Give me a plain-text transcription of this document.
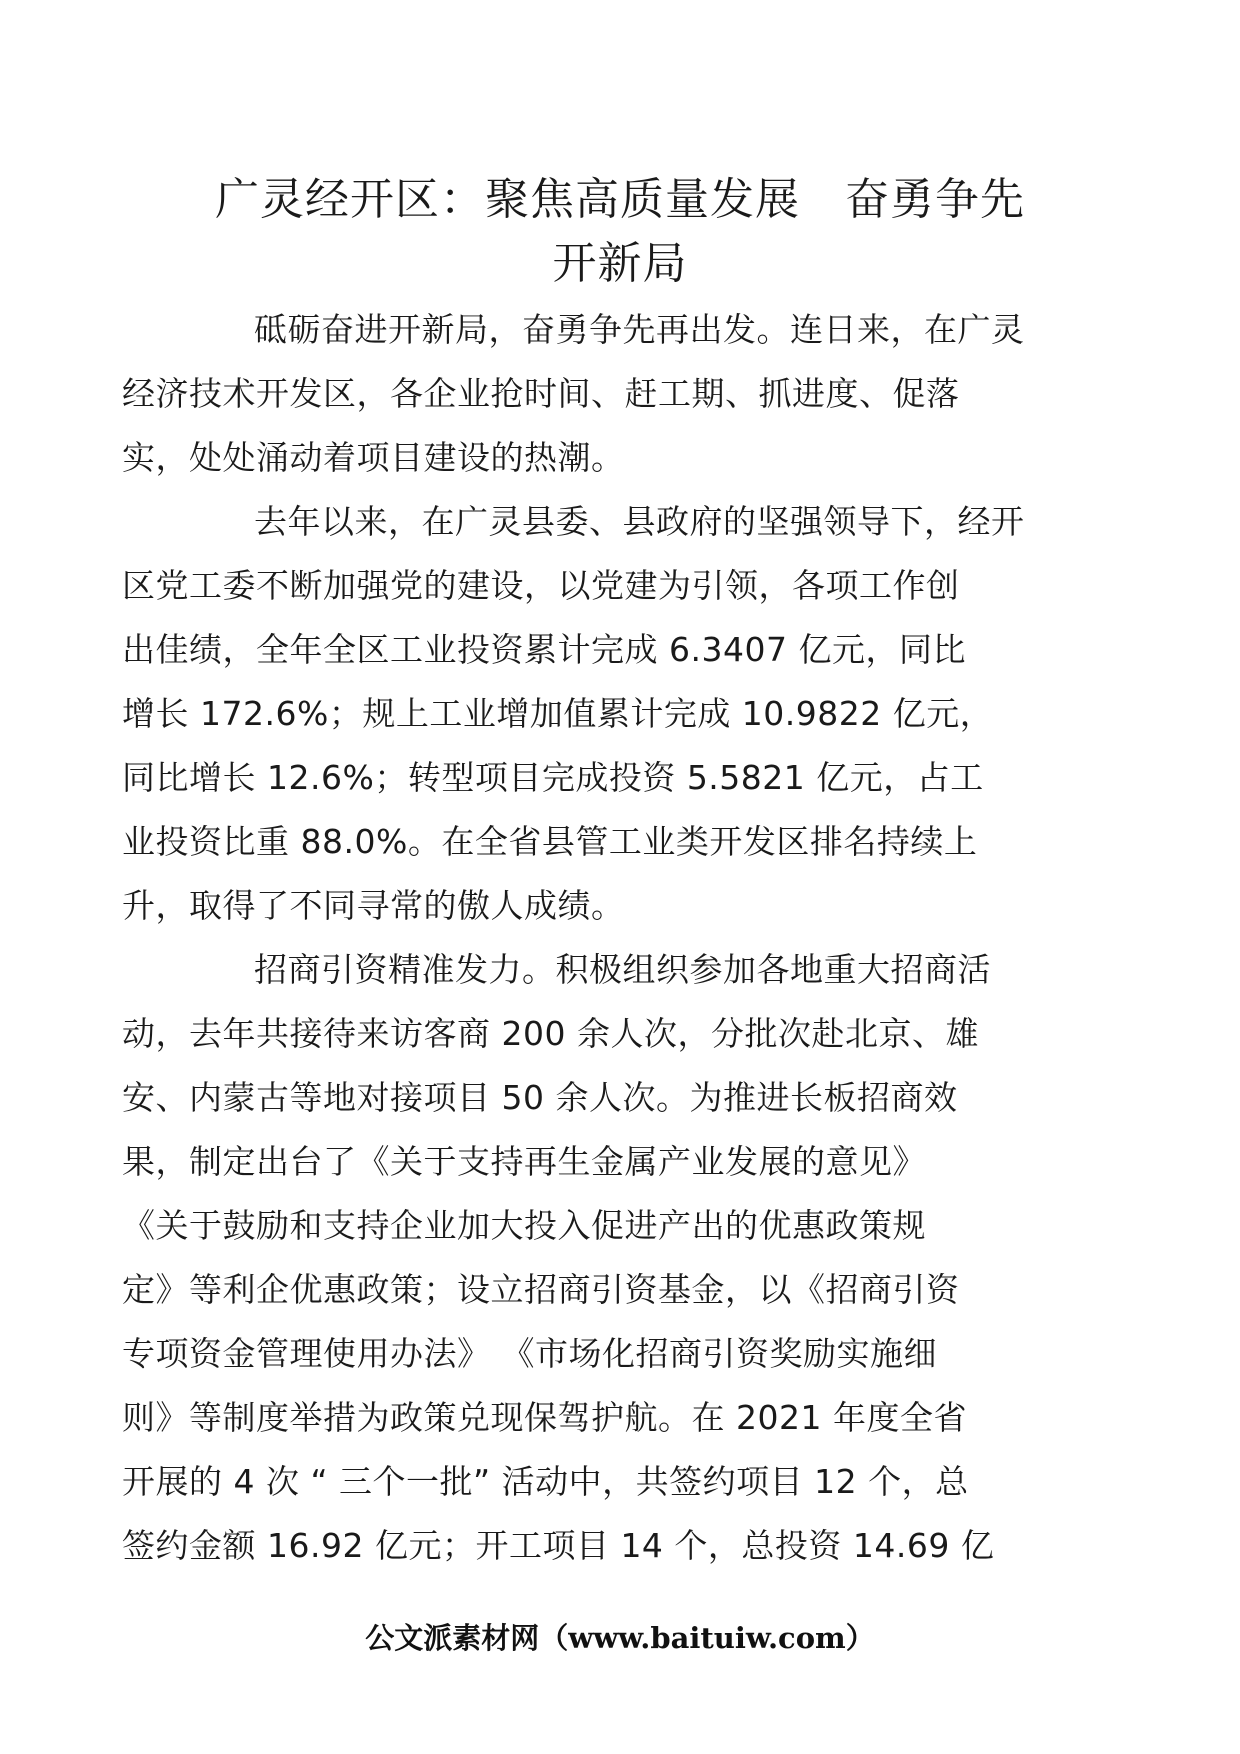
广灵经开区：聚焦高质量发展　奋勇争先
开新局

砥砺奋进开新局，奋勇争先再出发。连日来，在广灵
经济技术开发区，各企业抢时间、赶工期、抓进度、促落
实，处处涌动着项目建设的热潮。

去年以来，在广灵县委、县政府的坚强领导下，经开
区党工委不断加强党的建设，以党建为引领，各项工作创
出佳绩，全年全区工业投资累计完成 6.3407 亿元，同比
增长 172.6%；规上工业增加值累计完成 10.9822 亿元，
同比增长 12.6%；转型项目完成投资 5.5821 亿元，占工
业投资比重 88.0%。在全省县管工业类开发区排名持续上
升，取得了不同寻常的傲人成绩。

招商引资精准发力。积极组织参加各地重大招商活
动，去年共接待来访客商 200 余人次，分批次赴北京、雄
安、内蒙古等地对接项目 50 余人次。为推进长板招商效
果，制定出台了《关于支持再生金属产业发展的意见》
《关于鼓励和支持企业加大投入促进产出的优惠政策规
定》等利企优惠政策；设立招商引资基金，以《招商引资
专项资金管理使用办法》 《市场化招商引资奖励实施细
则》等制度举措为政策兑现保驾护航。在 2021 年度全省
开展的 4 次 “ 三个一批” 活动中，共签约项目 12 个，总
签约金额 16.92 亿元；开工项目 14 个，总投资 14.69 亿

公文派素材网（www.baituiw.com）
